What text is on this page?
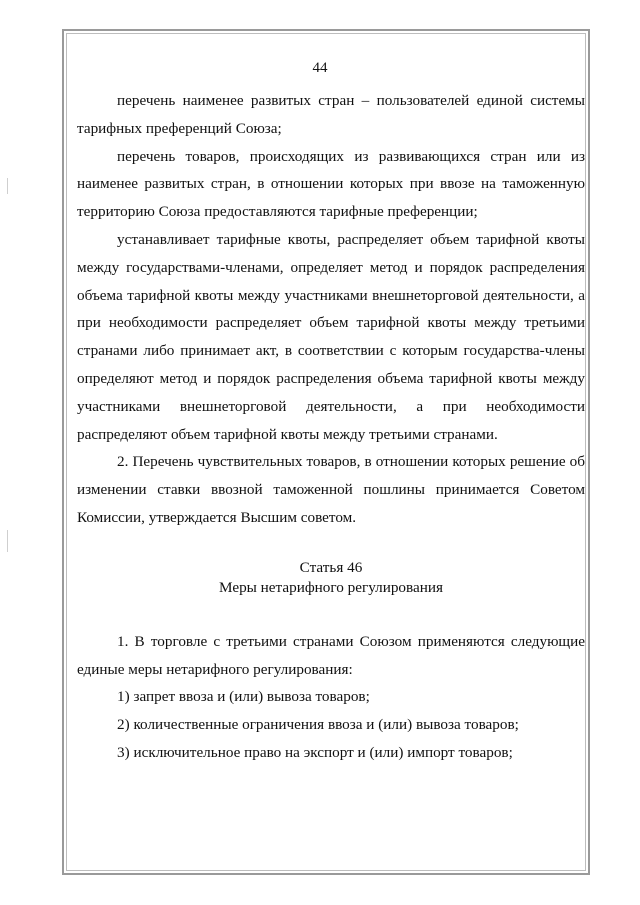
44

перечень наименее развитых стран – пользователей единой системы тарифных преференций Союза;

перечень товаров, происходящих из развивающихся стран или из наименее развитых стран, в отношении которых при ввозе на таможенную территорию Союза предоставляются тарифные преференции;

устанавливает тарифные квоты, распределяет объем тарифной квоты между государствами-членами, определяет метод и порядок распределения объема тарифной квоты между участниками внешнеторговой деятельности, а при необходимости распределяет объем тарифной квоты между третьими странами либо принимает акт, в соответствии с которым государства-члены определяют метод и порядок распределения объема тарифной квоты между участниками внешнеторговой деятельности, а при необходимости распределяют объем тарифной квоты между третьими странами.

2. Перечень чувствительных товаров, в отношении которых решение об изменении ставки ввозной таможенной пошлины принимается Советом Комиссии, утверждается Высшим советом.

Статья 46

Меры нетарифного регулирования

1. В торговле с третьими странами Союзом применяются следующие единые меры нетарифного регулирования:

1) запрет ввоза и (или) вывоза товаров;

2) количественные ограничения ввоза и (или) вывоза товаров;

3) исключительное право на экспорт и (или) импорт товаров;
